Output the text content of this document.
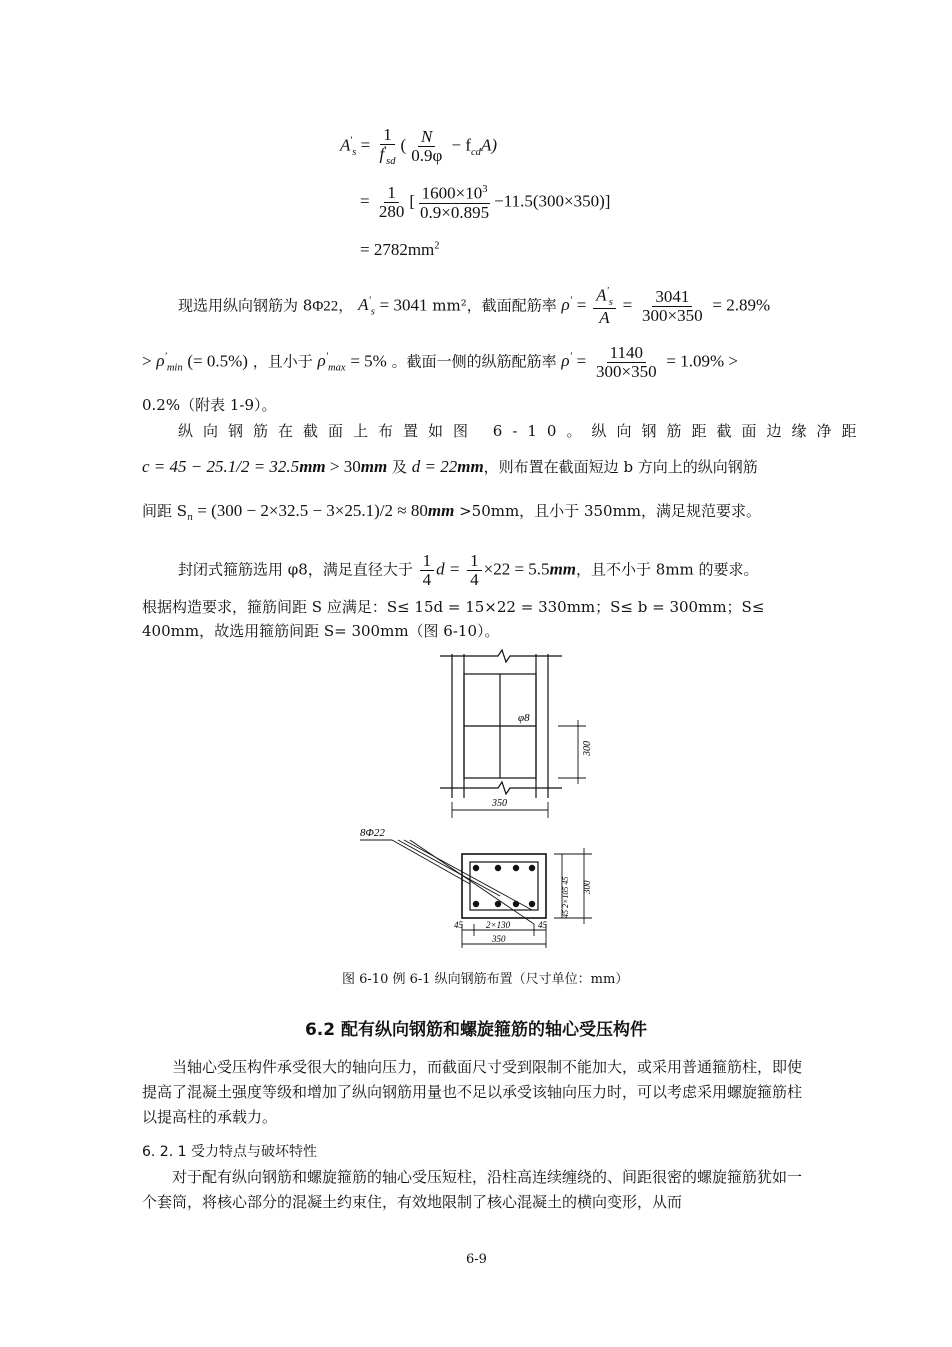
$A'_s = \frac{1}{f'_{sd}}$ ( $\frac{N}{0.9\varphi} - f_{cd}A$)
= $\frac{1}{280}$ [ $\frac{1600\times 10^3}{0.9\times 0.895} -11.5(300\times 350)$]
= $2782mm^2$
现选用纵向钢筋为 8Φ22， $A'_s = 3041$ mm²，截面配筋率 $\rho' = \frac{A'_s}{A} = \frac{3041}{300\times 350} = 2.89\%$
> $\rho'_{min}$ (= 0.5%) ，且小于 $\rho'_{max} = 5\%$ 。截面一侧的纵筋配筋率 $\rho' = \frac{1140}{300\times 350} = 1.09\%$ >
0.2%（附表 1-9）。
纵向钢筋在截面上布置如图 6-10。纵向钢筋距截面边缘净距
c = 45 − 25.1/2 = 32.5mm > 30mm 及 d = 22mm，则布置在截面短边 b 方向上的纵向钢筋
间距 $S_n = (300 - 2\times 32.5 - 3\times 25.1)/2 \approx 80mm >50mm$，且小于 350mm，满足规范要求。
封闭式箍筋选用 φ8，满足直径大于 $\frac{1}{4}$ $d = \frac{1}{4} \times 22 = 5.5mm$，且不小于 8mm 的要求。
根据构造要求，箍筋间距 S 应满足：S≤ 15d = 15×22 = 330mm；S≤ b = 300mm；S≤
400mm，故选用箍筋间距 S= 300mm（图 6-10）。
φ8
300
350
8Φ22
45	2×130	45
350
45 2×105 45 300
图 6-10 例 6-1 纵向钢筋布置（尺寸单位：mm）
6.2 配有纵向钢筋和螺旋箍筋的轴心受压构件

当轴心受压构件承受很大的轴向压力，而截面尺寸受到限制不能加大，或采用普通箍筋柱，即使提高了混凝土强度等级和增加了纵向钢筋用量也不足以承受该轴向压力时，可以考虑采用螺旋箍筋柱以提高柱的承载力。

6. 2. 1 受力特点与破坏特性

对于配有纵向钢筋和螺旋箍筋的轴心受压短柱，沿柱高连续缠绕的、间距很密的螺旋箍筋犹如一个套筒，将核心部分的混凝土约束住，有效地限制了核心混凝土的横向变形，从而

6-9
